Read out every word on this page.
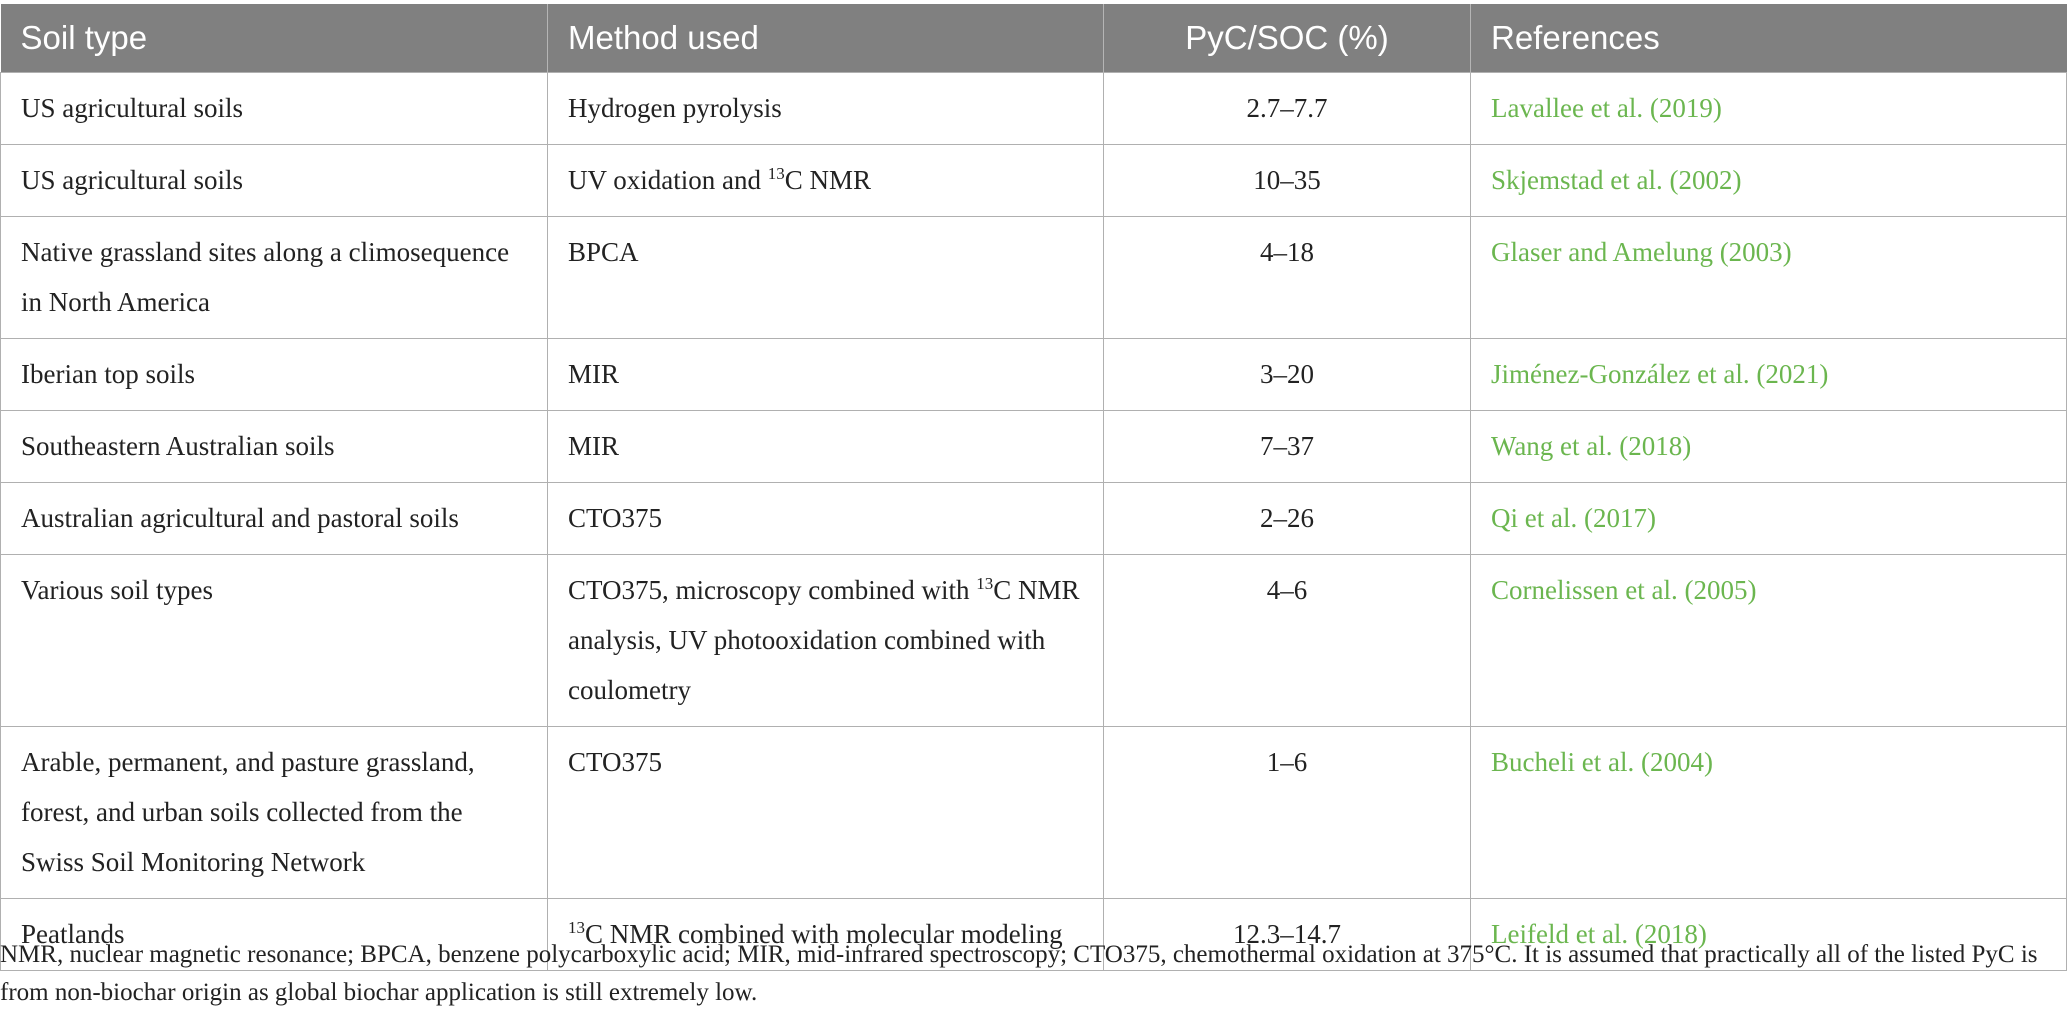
Soil type	Method used	PyC/SOC (%)	References
US agricultural soils	Hydrogen pyrolysis	2.7–7.7	Lavallee et al. (2019)
US agricultural soils	UV oxidation and $^{13}$C NMR	10–35	Skjemstad et al. (2002)
Native grassland sites along a climosequence in North America	BPCA	4–18	Glaser and Amelung (2003)
Iberian top soils	MIR	3–20	Jiménez-González et al. (2021)
Southeastern Australian soils	MIR	7–37	Wang et al. (2018)
Australian agricultural and pastoral soils	CTO375	2–26	Qi et al. (2017)
Various soil types	CTO375, microscopy combined with $^{13}$C NMR analysis, UV photooxidation combined with coulometry	4–6	Cornelissen et al. (2005)
Arable, permanent, and pasture grassland, forest, and urban soils collected from the Swiss Soil Monitoring Network	CTO375	1–6	Bucheli et al. (2004)
Peatlands	$^{13}$C NMR combined with molecular modeling	12.3–14.7	Leifeld et al. (2018)
NMR, nuclear magnetic resonance; BPCA, benzene polycarboxylic acid; MIR, mid-infrared spectroscopy; CTO375, chemothermal oxidation at 375°C. It is assumed that practically all of the listed PyC is from non-biochar origin as global biochar application is still extremely low.
